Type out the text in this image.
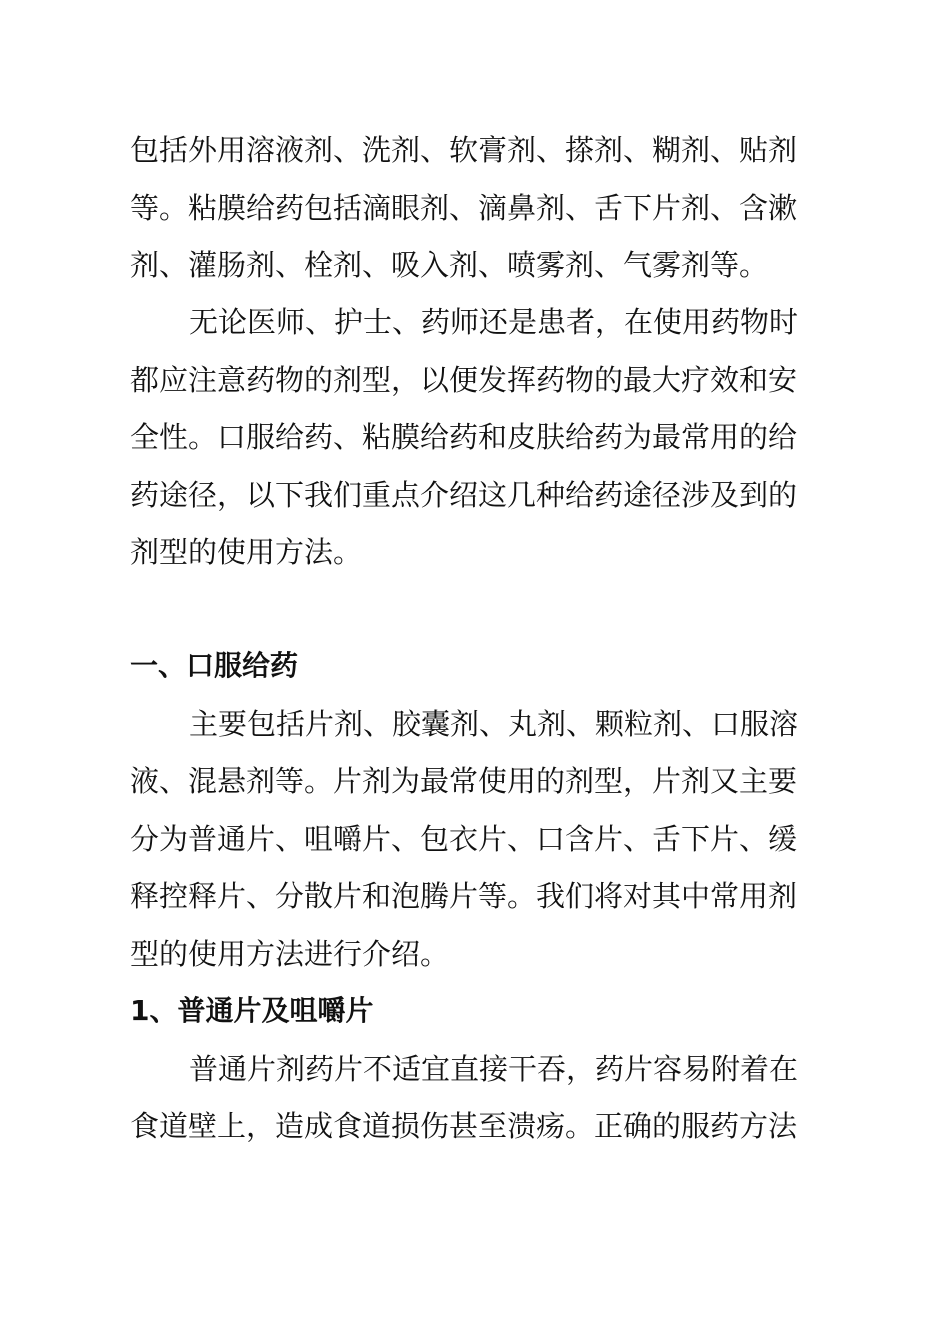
包括外用溶液剂、洗剂、软膏剂、搽剂、糊剂、贴剂
等。粘膜给药包括滴眼剂、滴鼻剂、舌下片剂、含漱
剂、灌肠剂、栓剂、吸入剂、喷雾剂、气雾剂等。
无论医师、护士、药师还是患者，在使用药物时
都应注意药物的剂型，以便发挥药物的最大疗效和安
全性。口服给药、粘膜给药和皮肤给药为最常用的给
药途径，以下我们重点介绍这几种给药途径涉及到的
剂型的使用方法。
一、口服给药
主要包括片剂、胶囊剂、丸剂、颗粒剂、口服溶
液、混悬剂等。片剂为最常使用的剂型，片剂又主要
分为普通片、咀嚼片、包衣片、口含片、舌下片、缓
释控释片、分散片和泡腾片等。我们将对其中常用剂
型的使用方法进行介绍。
1、普通片及咀嚼片
普通片剂药片不适宜直接干吞，药片容易附着在
食道壁上，造成食道损伤甚至溃疡。正确的服药方法
